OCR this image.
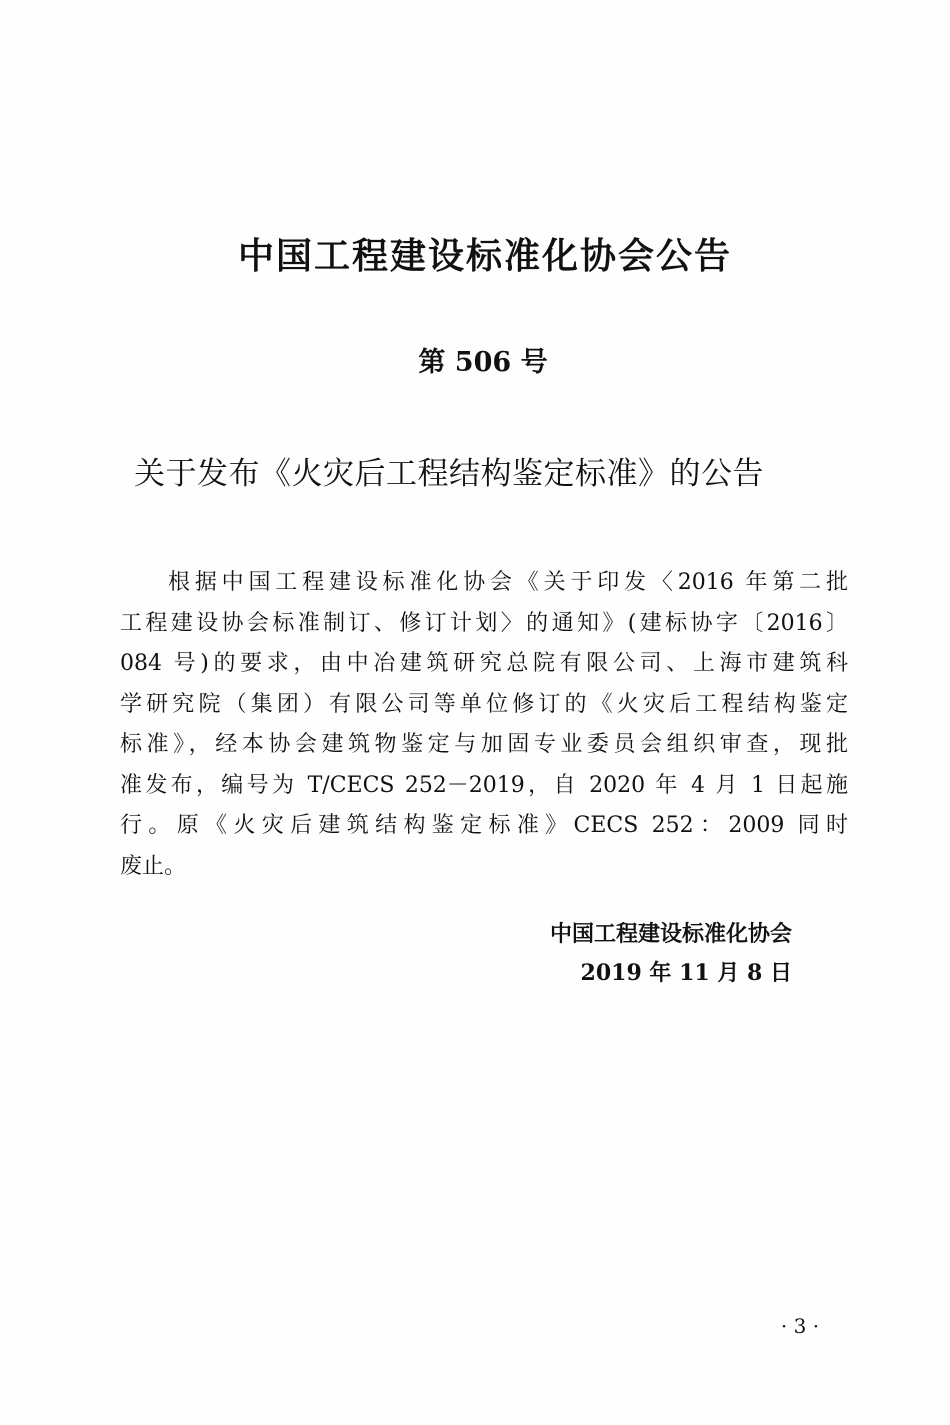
中国工程建设标准化协会公告
第 506 号
关于发布《火灾后工程结构鉴定标准》的公告
根据中国工程建设标准化协会《关于印发〈2016 年第二批
工程建设协会标准制订、修订计划〉的通知》(建标协字〔2016〕
084 号)的要求，由中冶建筑研究总院有限公司、上海市建筑科
学研究院（集团）有限公司等单位修订的《火灾后工程结构鉴定
标准》，经本协会建筑物鉴定与加固专业委员会组织审查，现批
准发布，编号为 T/CECS 252－2019，自 2020 年 4 月 1 日起施
行。原《火灾后建筑结构鉴定标准》CECS 252：2009 同时
废止。
中国工程建设标准化协会
2019 年 11 月 8 日
· 3 ·
